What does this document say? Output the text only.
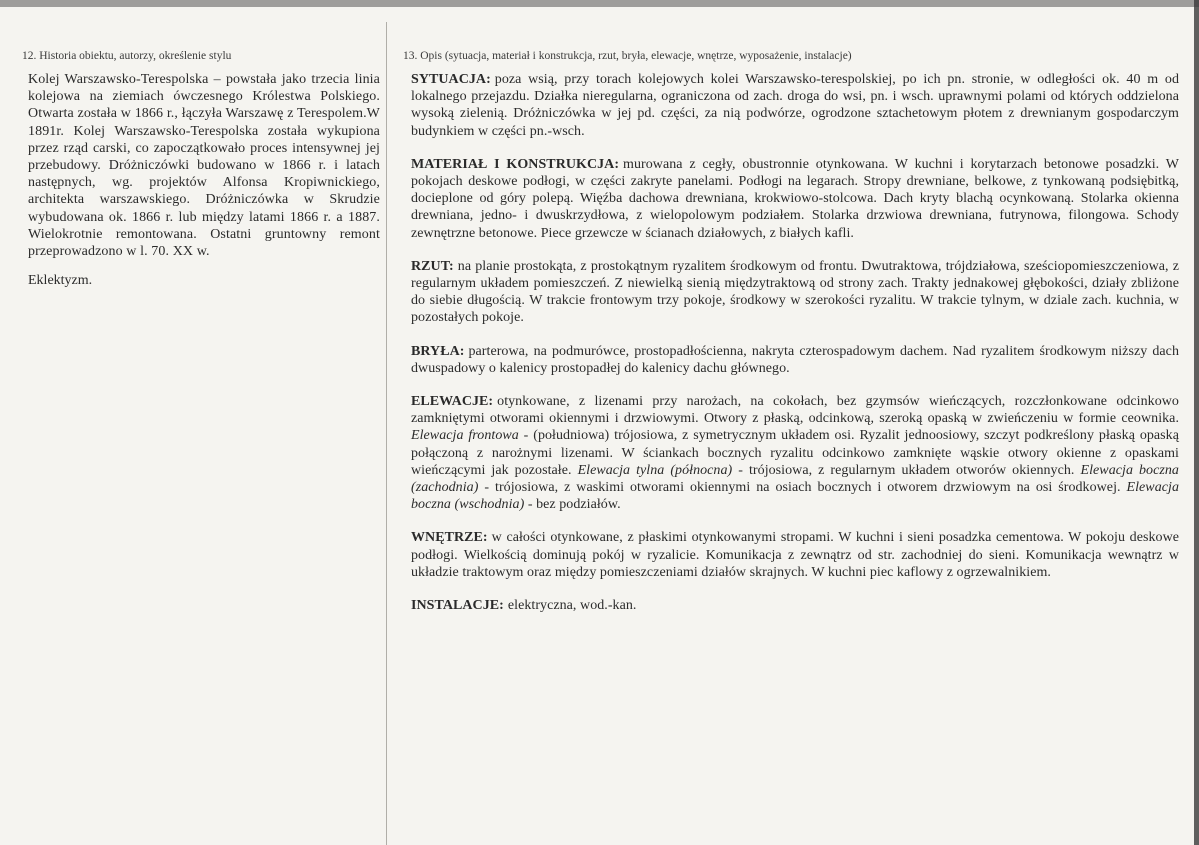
12. Historia obiektu, autorzy, określenie stylu

Kolej Warszawsko-Terespolska – powstała jako trzecia linia kolejowa na ziemiach ówczesnego Królestwa Polskiego. Otwarta została w 1866 r., łączyła Warszawę z Terespolem.W 1891r. Kolej Warszawsko-Terespolska została wykupiona przez rząd carski, co zapoczątkowało proces intensywnej jej przebudowy. Dróżniczówki budowano w 1866 r. i latach następnych, wg. projektów Alfonsa Kropiwnickiego, architekta warszawskiego. Dróżniczówka w Skrudzie wybudowana ok. 1866 r. lub między latami 1866 r. a 1887. Wielokrotnie remontowana. Ostatni gruntowny remont przeprowadzono w l. 70. XX w.

Eklektyzm.

13. Opis (sytuacja, materiał i konstrukcja, rzut, bryła, elewacje, wnętrze, wyposażenie, instalacje)

SYTUACJA: poza wsią, przy torach kolejowych kolei Warszawsko-terespolskiej, po ich pn. stronie, w odległości ok. 40 m od lokalnego przejazdu. Działka nieregularna, ograniczona od zach. droga do wsi, pn. i wsch. uprawnymi polami od których oddzielona wysoką zielenią. Dróżniczówka w jej pd. części, za nią podwórze, ogrodzone sztachetowym płotem z drewnianym gospodarczym budynkiem w części pn.-wsch.

MATERIAŁ I KONSTRUKCJA: murowana z cegły, obustronnie otynkowana. W kuchni i korytarzach betonowe posadzki. W pokojach deskowe podłogi, w części zakryte panelami. Podłogi na legarach. Stropy drewniane, belkowe, z tynkowaną podsiębitką, docieplone od góry polepą. Więźba dachowa drewniana, krokwiowo-stolcowa. Dach kryty blachą ocynkowaną. Stolarka okienna drewniana, jedno- i dwuskrzydłowa, z wielopolowym podziałem. Stolarka drzwiowa drewniana, futrynowa, filongowa. Schody zewnętrzne betonowe. Piece grzewcze w ścianach działowych, z białych kafli.

RZUT: na planie prostokąta, z prostokątnym ryzalitem środkowym od frontu. Dwutraktowa, trójdziałowa, sześciopomieszczeniowa, z regularnym układem pomieszczeń. Z niewielką sienią międzytraktową od strony zach. Trakty jednakowej głębokości, działy zbliżone do siebie długością. W trakcie frontowym trzy pokoje, środkowy w szerokości ryzalitu. W trakcie tylnym, w dziale zach. kuchnia, w pozostałych pokoje.

BRYŁA: parterowa, na podmurówce, prostopadłościenna, nakryta czterospadowym dachem. Nad ryzalitem środkowym niższy dach dwuspadowy o kalenicy prostopadłej do kalenicy dachu głównego.

ELEWACJE: otynkowane, z lizenami przy narożach, na cokołach, bez gzymsów wieńczących, rozczłonkowane odcinkowo zamkniętymi otworami okiennymi i drzwiowymi. Otwory z płaską, odcinkową, szeroką opaską w zwieńczeniu w formie ceownika. Elewacja frontowa - (południowa) trójosiowa, z symetrycznym układem osi. Ryzalit jednoosiowy, szczyt podkreślony płaską opaską połączoną z narożnymi lizenami. W ściankach bocznych ryzalitu odcinkowo zamknięte wąskie otwory okienne z opaskami wieńczącymi jak pozostałe. Elewacja tylna (północna) - trójosiowa, z regularnym układem otworów okiennych. Elewacja boczna (zachodnia) - trójosiowa, z waskimi otworami okiennymi na osiach bocznych i otworem drzwiowym na osi środkowej. Elewacja boczna (wschodnia) - bez podziałów.

WNĘTRZE: w całości otynkowane, z płaskimi otynkowanymi stropami. W kuchni i sieni posadzka cementowa. W pokoju deskowe podłogi. Wielkością dominują pokój w ryzalicie. Komunikacja z zewnątrz od str. zachodniej do sieni. Komunikacja wewnątrz w układzie traktowym oraz między pomieszczeniami działów skrajnych. W kuchni piec kaflowy z ogrzewalnikiem.

INSTALACJE: elektryczna, wod.-kan.
